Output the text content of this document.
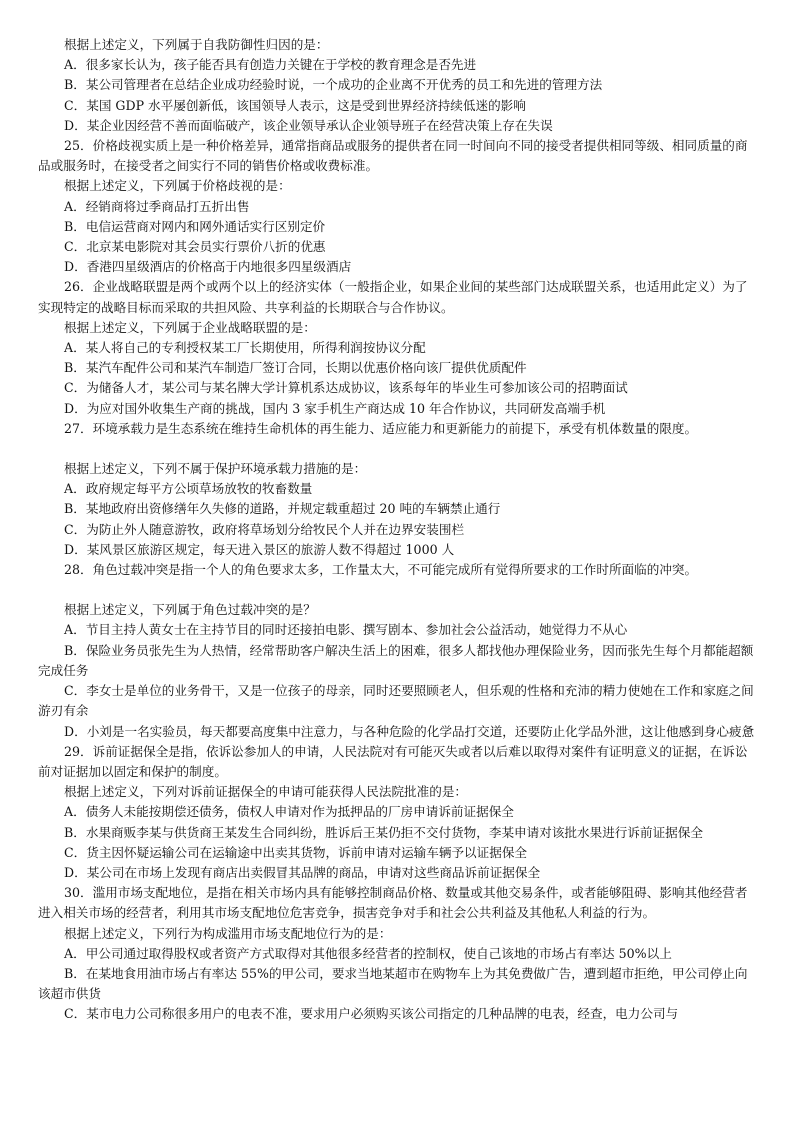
根据上述定义，下列属于自我防御性归因的是：
A．很多家长认为，孩子能否具有创造力关键在于学校的教育理念是否先进
B．某公司管理者在总结企业成功经验时说，一个成功的企业离不开优秀的员工和先进的管理方法
C．某国 GDP 水平屡创新低，该国领导人表示，这是受到世界经济持续低迷的影响
D．某企业因经营不善而面临破产，该企业领导承认企业领导班子在经营决策上存在失误
25．价格歧视实质上是一种价格差异，通常指商品或服务的提供者在同一时间向不同的接受者提供相同等级、相同质量的商品或服务时，在接受者之间实行不同的销售价格或收费标准。
根据上述定义，下列属于价格歧视的是：
A．经销商将过季商品打五折出售
B．电信运营商对网内和网外通话实行区别定价
C．北京某电影院对其会员实行票价八折的优惠
D．香港四星级酒店的价格高于内地很多四星级酒店
26．企业战略联盟是两个或两个以上的经济实体（一般指企业，如果企业间的某些部门达成联盟关系，也适用此定义）为了实现特定的战略目标而采取的共担风险、共享利益的长期联合与合作协议。
根据上述定义，下列属于企业战略联盟的是：
A．某人将自己的专利授权某工厂长期使用，所得利润按协议分配
B．某汽车配件公司和某汽车制造厂签订合同，长期以优惠价格向该厂提供优质配件
C．为储备人才，某公司与某名牌大学计算机系达成协议，该系每年的毕业生可参加该公司的招聘面试
D．为应对国外收集生产商的挑战，国内 3 家手机生产商达成 10 年合作协议，共同研发高端手机
27．环境承载力是生态系统在维持生命机体的再生能力、适应能力和更新能力的前提下，承受有机体数量的限度。
根据上述定义，下列不属于保护环境承载力措施的是：
A．政府规定每平方公顷草场放牧的牧畜数量
B．某地政府出资修缮年久失修的道路，并规定载重超过 20 吨的车辆禁止通行
C．为防止外人随意游牧，政府将草场划分给牧民个人并在边界安装围栏
D．某风景区旅游区规定，每天进入景区的旅游人数不得超过 1000 人
28．角色过载冲突是指一个人的角色要求太多，工作量太大，不可能完成所有觉得所要求的工作时所面临的冲突。
根据上述定义，下列属于角色过载冲突的是？
A．节目主持人黄女士在主持节目的同时还接拍电影、撰写剧本、参加社会公益活动，她觉得力不从心
B．保险业务员张先生为人热情，经常帮助客户解决生活上的困难，很多人都找他办理保险业务，因而张先生每个月都能超额完成任务
C．李女士是单位的业务骨干，又是一位孩子的母亲，同时还要照顾老人，但乐观的性格和充沛的精力使她在工作和家庭之间游刃有余
D．小刘是一名实验员，每天都要高度集中注意力，与各种危险的化学品打交道，还要防止化学品外泄，这让他感到身心疲惫
29．诉前证据保全是指，依诉讼参加人的申请，人民法院对有可能灭失或者以后难以取得对案件有证明意义的证据，在诉讼前对证据加以固定和保护的制度。
根据上述定义，下列对诉前证据保全的申请可能获得人民法院批准的是：
A．债务人未能按期偿还债务，债权人申请对作为抵押品的厂房申请诉前证据保全
B．水果商贩李某与供货商王某发生合同纠纷，胜诉后王某仍拒不交付货物，李某申请对该批水果进行诉前证据保全
C．货主因怀疑运输公司在运输途中出卖其货物，诉前申请对运输车辆予以证据保全
D．某公司在市场上发现有商店出卖假冒其品牌的商品，申请对这些商品诉前证据保全
30．滥用市场支配地位，是指在相关市场内具有能够控制商品价格、数量或其他交易条件，或者能够阻碍、影响其他经营者进入相关市场的经营者，利用其市场支配地位危害竞争，损害竞争对手和社会公共利益及其他私人利益的行为。
根据上述定义，下列行为构成滥用市场支配地位行为的是：
A．甲公司通过取得股权或者资产方式取得对其他很多经营者的控制权，使自己该地的市场占有率达 50%以上
B．在某地食用油市场占有率达 55%的甲公司，要求当地某超市在购物车上为其免费做广告，遭到超市拒绝，甲公司停止向该超市供货
C．某市电力公司称很多用户的电表不准，要求用户必须购买该公司指定的几种品牌的电表，经查，电力公司与
